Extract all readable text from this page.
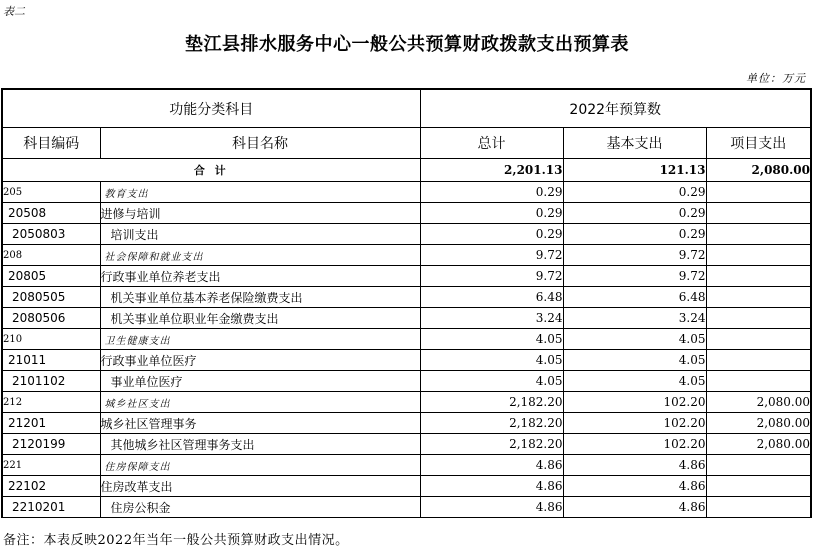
表二
垫江县排水服务中心一般公共预算财政拨款支出预算表
单位：万元
功能分类科目		2022年预算数		
科目编码	科目名称	总计	基本支出	项目支出
合 计		2,201.13	121.13	2,080.00
205	教育支出	0.29	0.29	
20508	进修与培训	0.29	0.29	
2050803	培训支出	0.29	0.29	
208	社会保障和就业支出	9.72	9.72	
20805	行政事业单位养老支出	9.72	9.72	
2080505	机关事业单位基本养老保险缴费支出	6.48	6.48	
2080506	机关事业单位职业年金缴费支出	3.24	3.24	
210	卫生健康支出	4.05	4.05	
21011	行政事业单位医疗	4.05	4.05	
2101102	事业单位医疗	4.05	4.05	
212	城乡社区支出	2,182.20	102.20	2,080.00
21201	城乡社区管理事务	2,182.20	102.20	2,080.00
2120199	其他城乡社区管理事务支出	2,182.20	102.20	2,080.00
221	住房保障支出	4.86	4.86	
22102	住房改革支出	4.86	4.86	
2210201	住房公积金	4.86	4.86	
备注：本表反映2022年当年一般公共预算财政支出情况。
